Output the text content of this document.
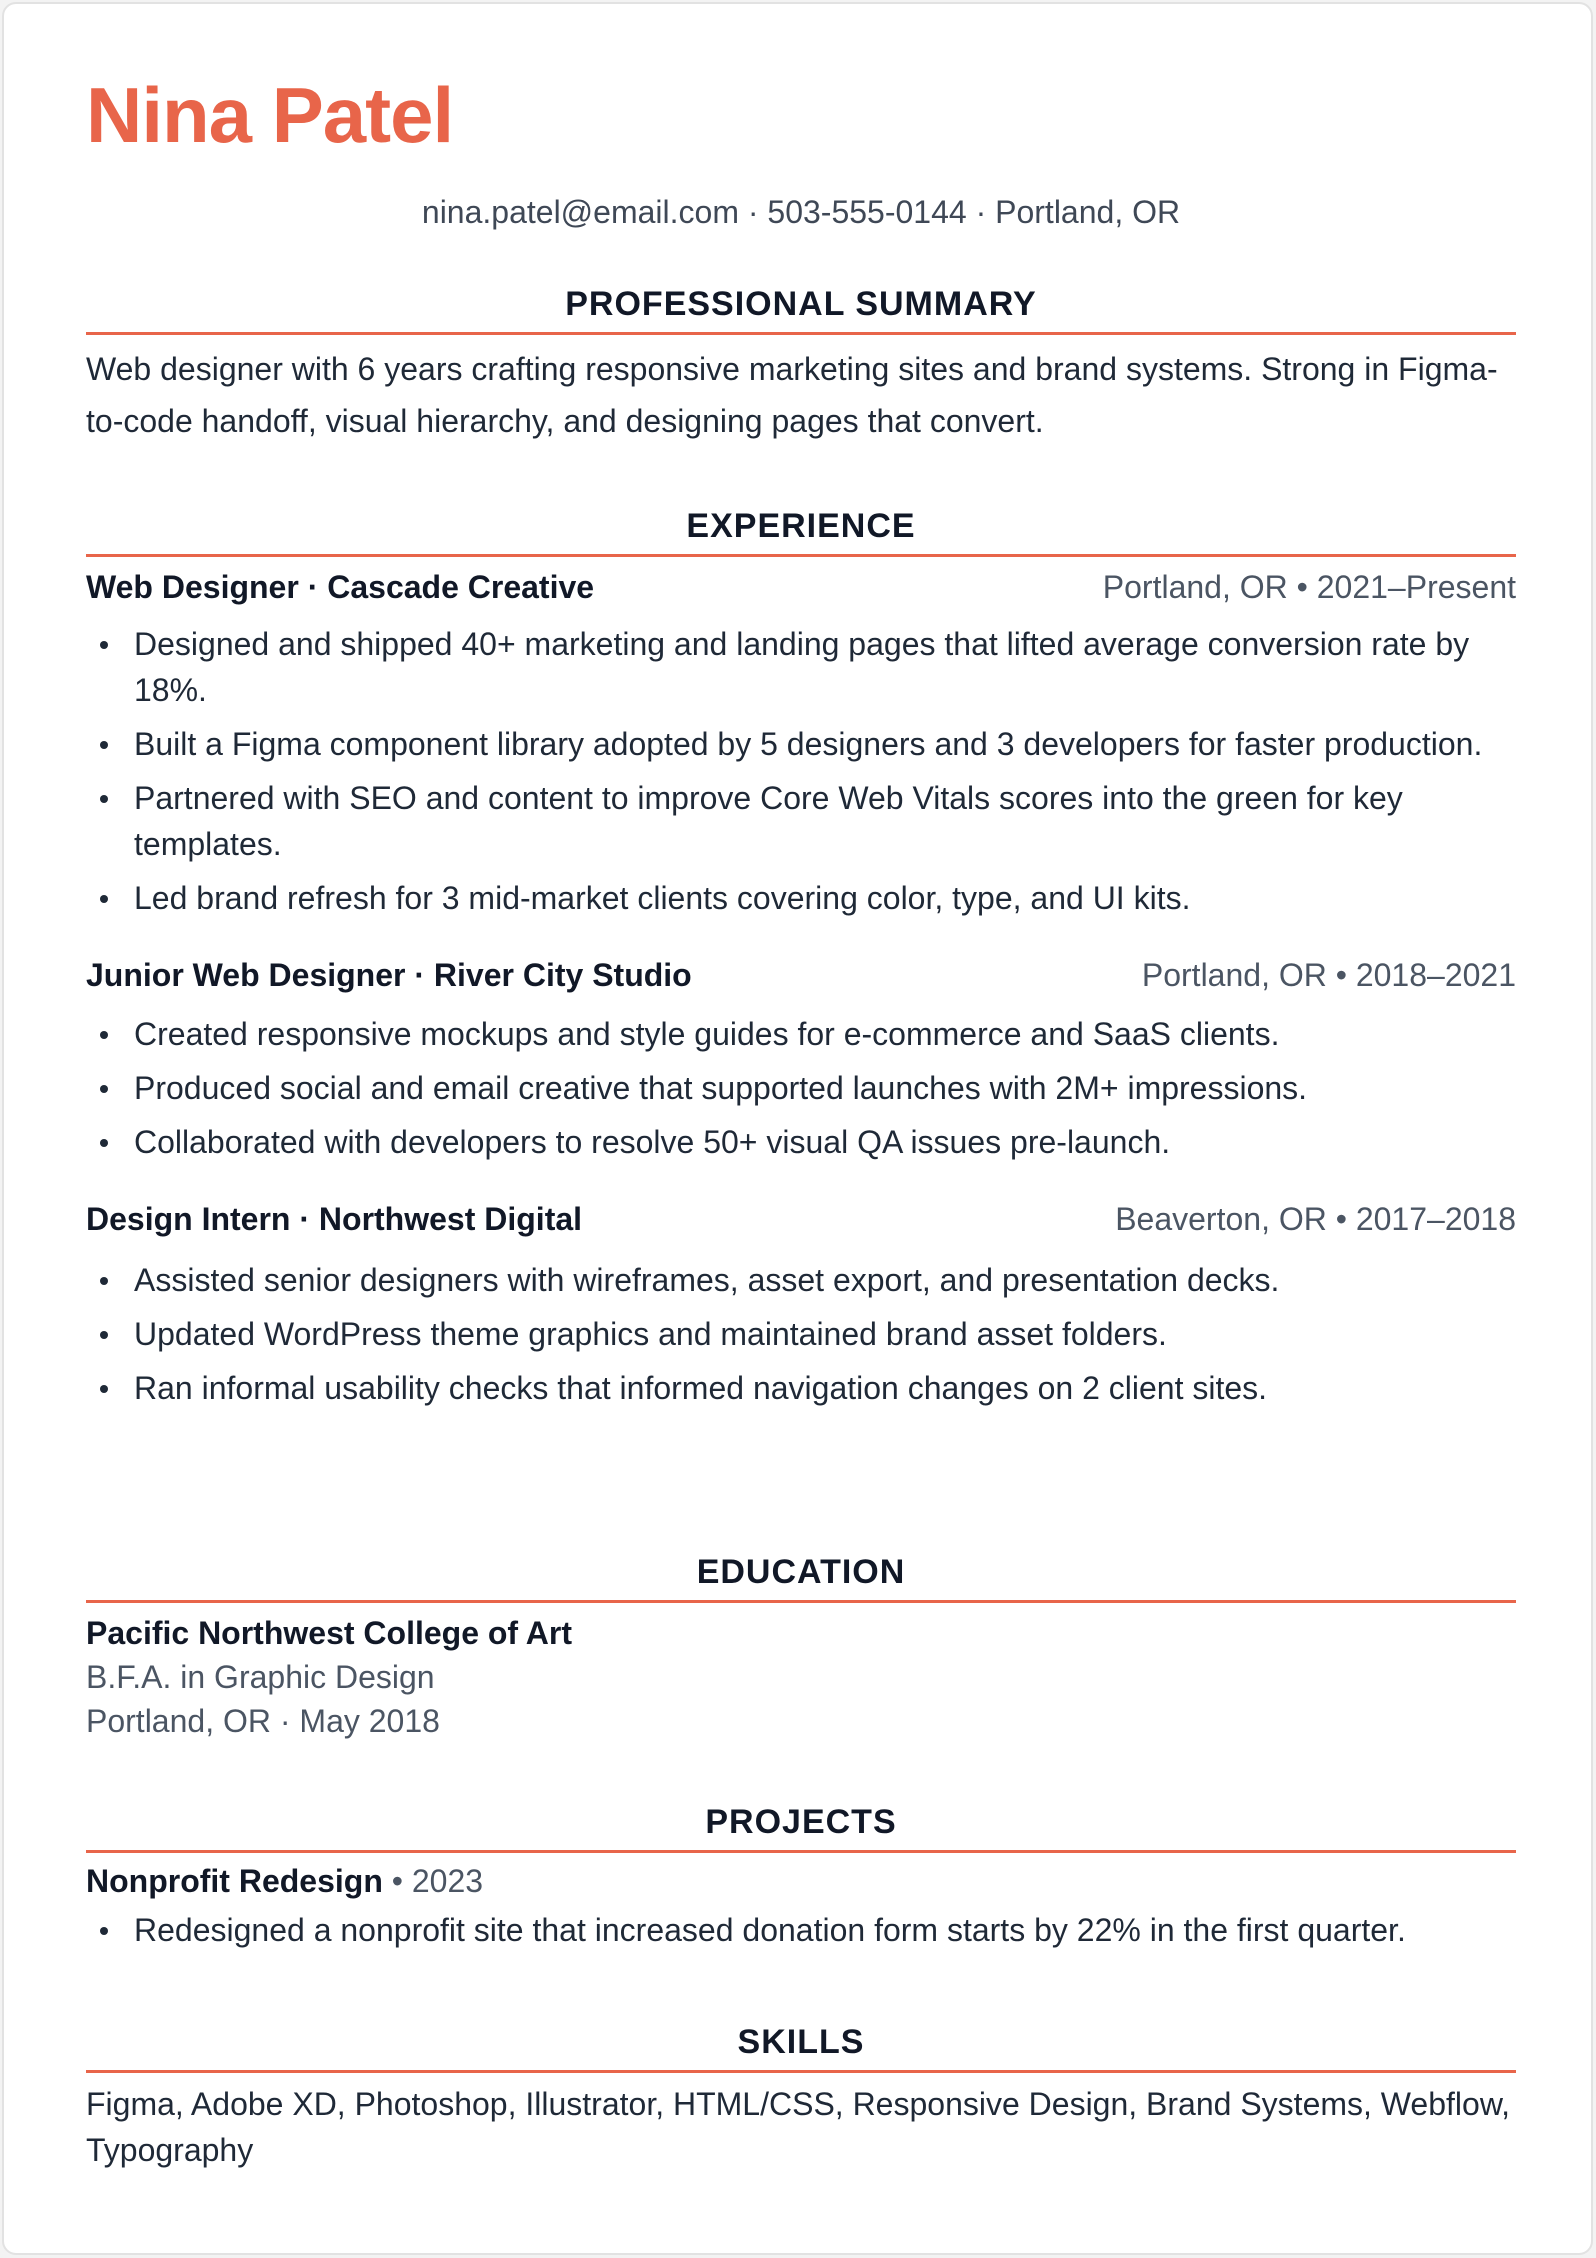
Nina Patel
nina.patel@email.com · 503-555-0144 · Portland, OR
PROFESSIONAL SUMMARY
Web designer with 6 years crafting responsive marketing sites and brand systems. Strong in Figma-to-code handoff, visual hierarchy, and designing pages that convert.
EXPERIENCE
Web Designer · Cascade Creative	Portland, OR • 2021–Present
Designed and shipped 40+ marketing and landing pages that lifted average conversion rate by 18%.
Built a Figma component library adopted by 5 designers and 3 developers for faster production.
Partnered with SEO and content to improve Core Web Vitals scores into the green for key templates.
Led brand refresh for 3 mid-market clients covering color, type, and UI kits.
Junior Web Designer · River City Studio	Portland, OR • 2018–2021
Created responsive mockups and style guides for e-commerce and SaaS clients.
Produced social and email creative that supported launches with 2M+ impressions.
Collaborated with developers to resolve 50+ visual QA issues pre-launch.
Design Intern · Northwest Digital	Beaverton, OR • 2017–2018
Assisted senior designers with wireframes, asset export, and presentation decks.
Updated WordPress theme graphics and maintained brand asset folders.
Ran informal usability checks that informed navigation changes on 2 client sites.
EDUCATION
Pacific Northwest College of Art
B.F.A. in Graphic Design
Portland, OR · May 2018
PROJECTS
Nonprofit Redesign • 2023
Redesigned a nonprofit site that increased donation form starts by 22% in the first quarter.
SKILLS
Figma, Adobe XD, Photoshop, Illustrator, HTML/CSS, Responsive Design, Brand Systems, Webflow, Typography
